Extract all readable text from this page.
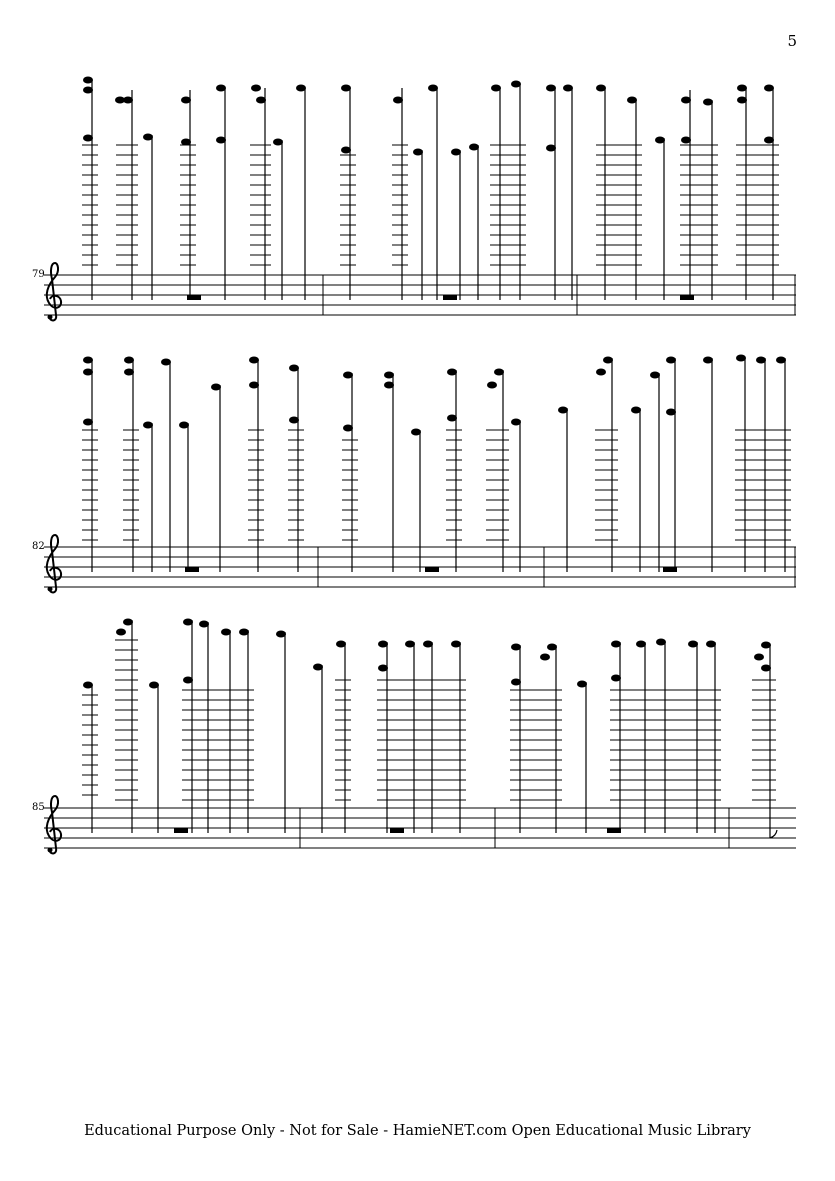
5
79
82
85
Educational Purpose Only - Not for Sale - HamieNET.com Open Educational Music Library
